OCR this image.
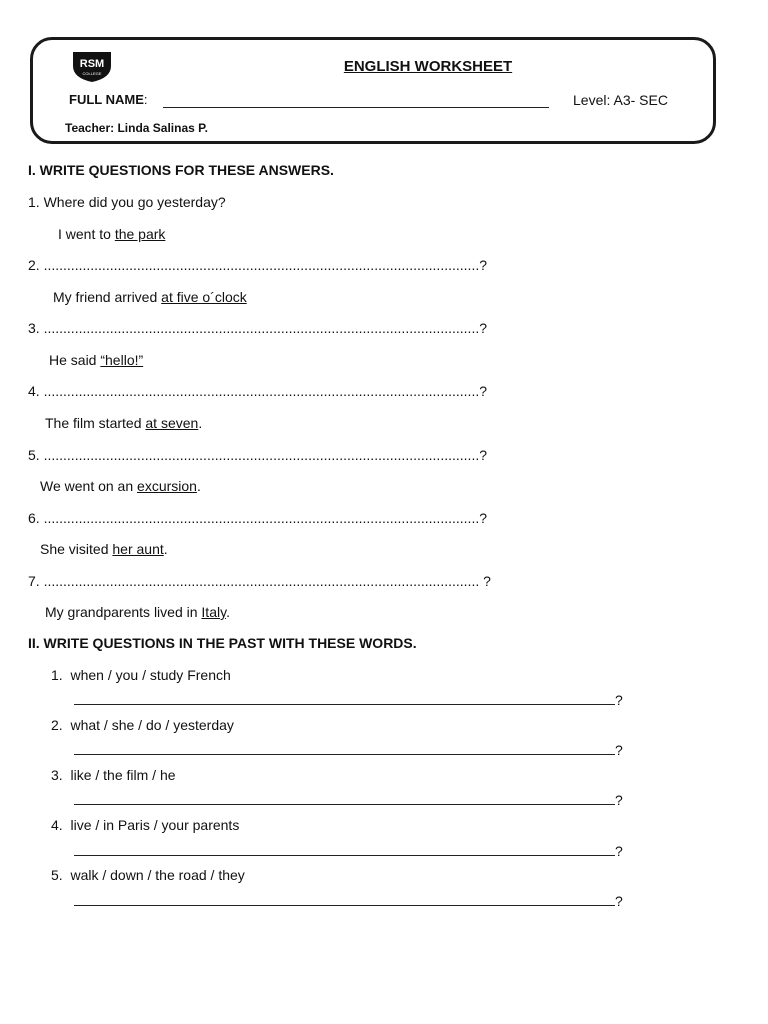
RSM
COLLEGE	ENGLISH WORKSHEET
FULL NAME:	Level: A3- SEC
Teacher: Linda Salinas P.
I. WRITE QUESTIONS FOR THESE ANSWERS.
1. Where did you go yesterday?
I went to the park
2. ................................................................................................................?
My friend arrived at five o´clock
3. ................................................................................................................?
He said “hello!”
4. ................................................................................................................?
The film started at seven.
5. ................................................................................................................?
We went on an excursion.
6. ................................................................................................................?
She visited her aunt.
7. ................................................................................................................ ?
My grandparents lived in Italy.
II. WRITE QUESTIONS IN THE PAST WITH THESE WORDS.
1. when / you / study French
?
2. what / she / do / yesterday
?
3. like / the film / he
?
4. live / in Paris / your parents
?
5. walk / down / the road / they
?
